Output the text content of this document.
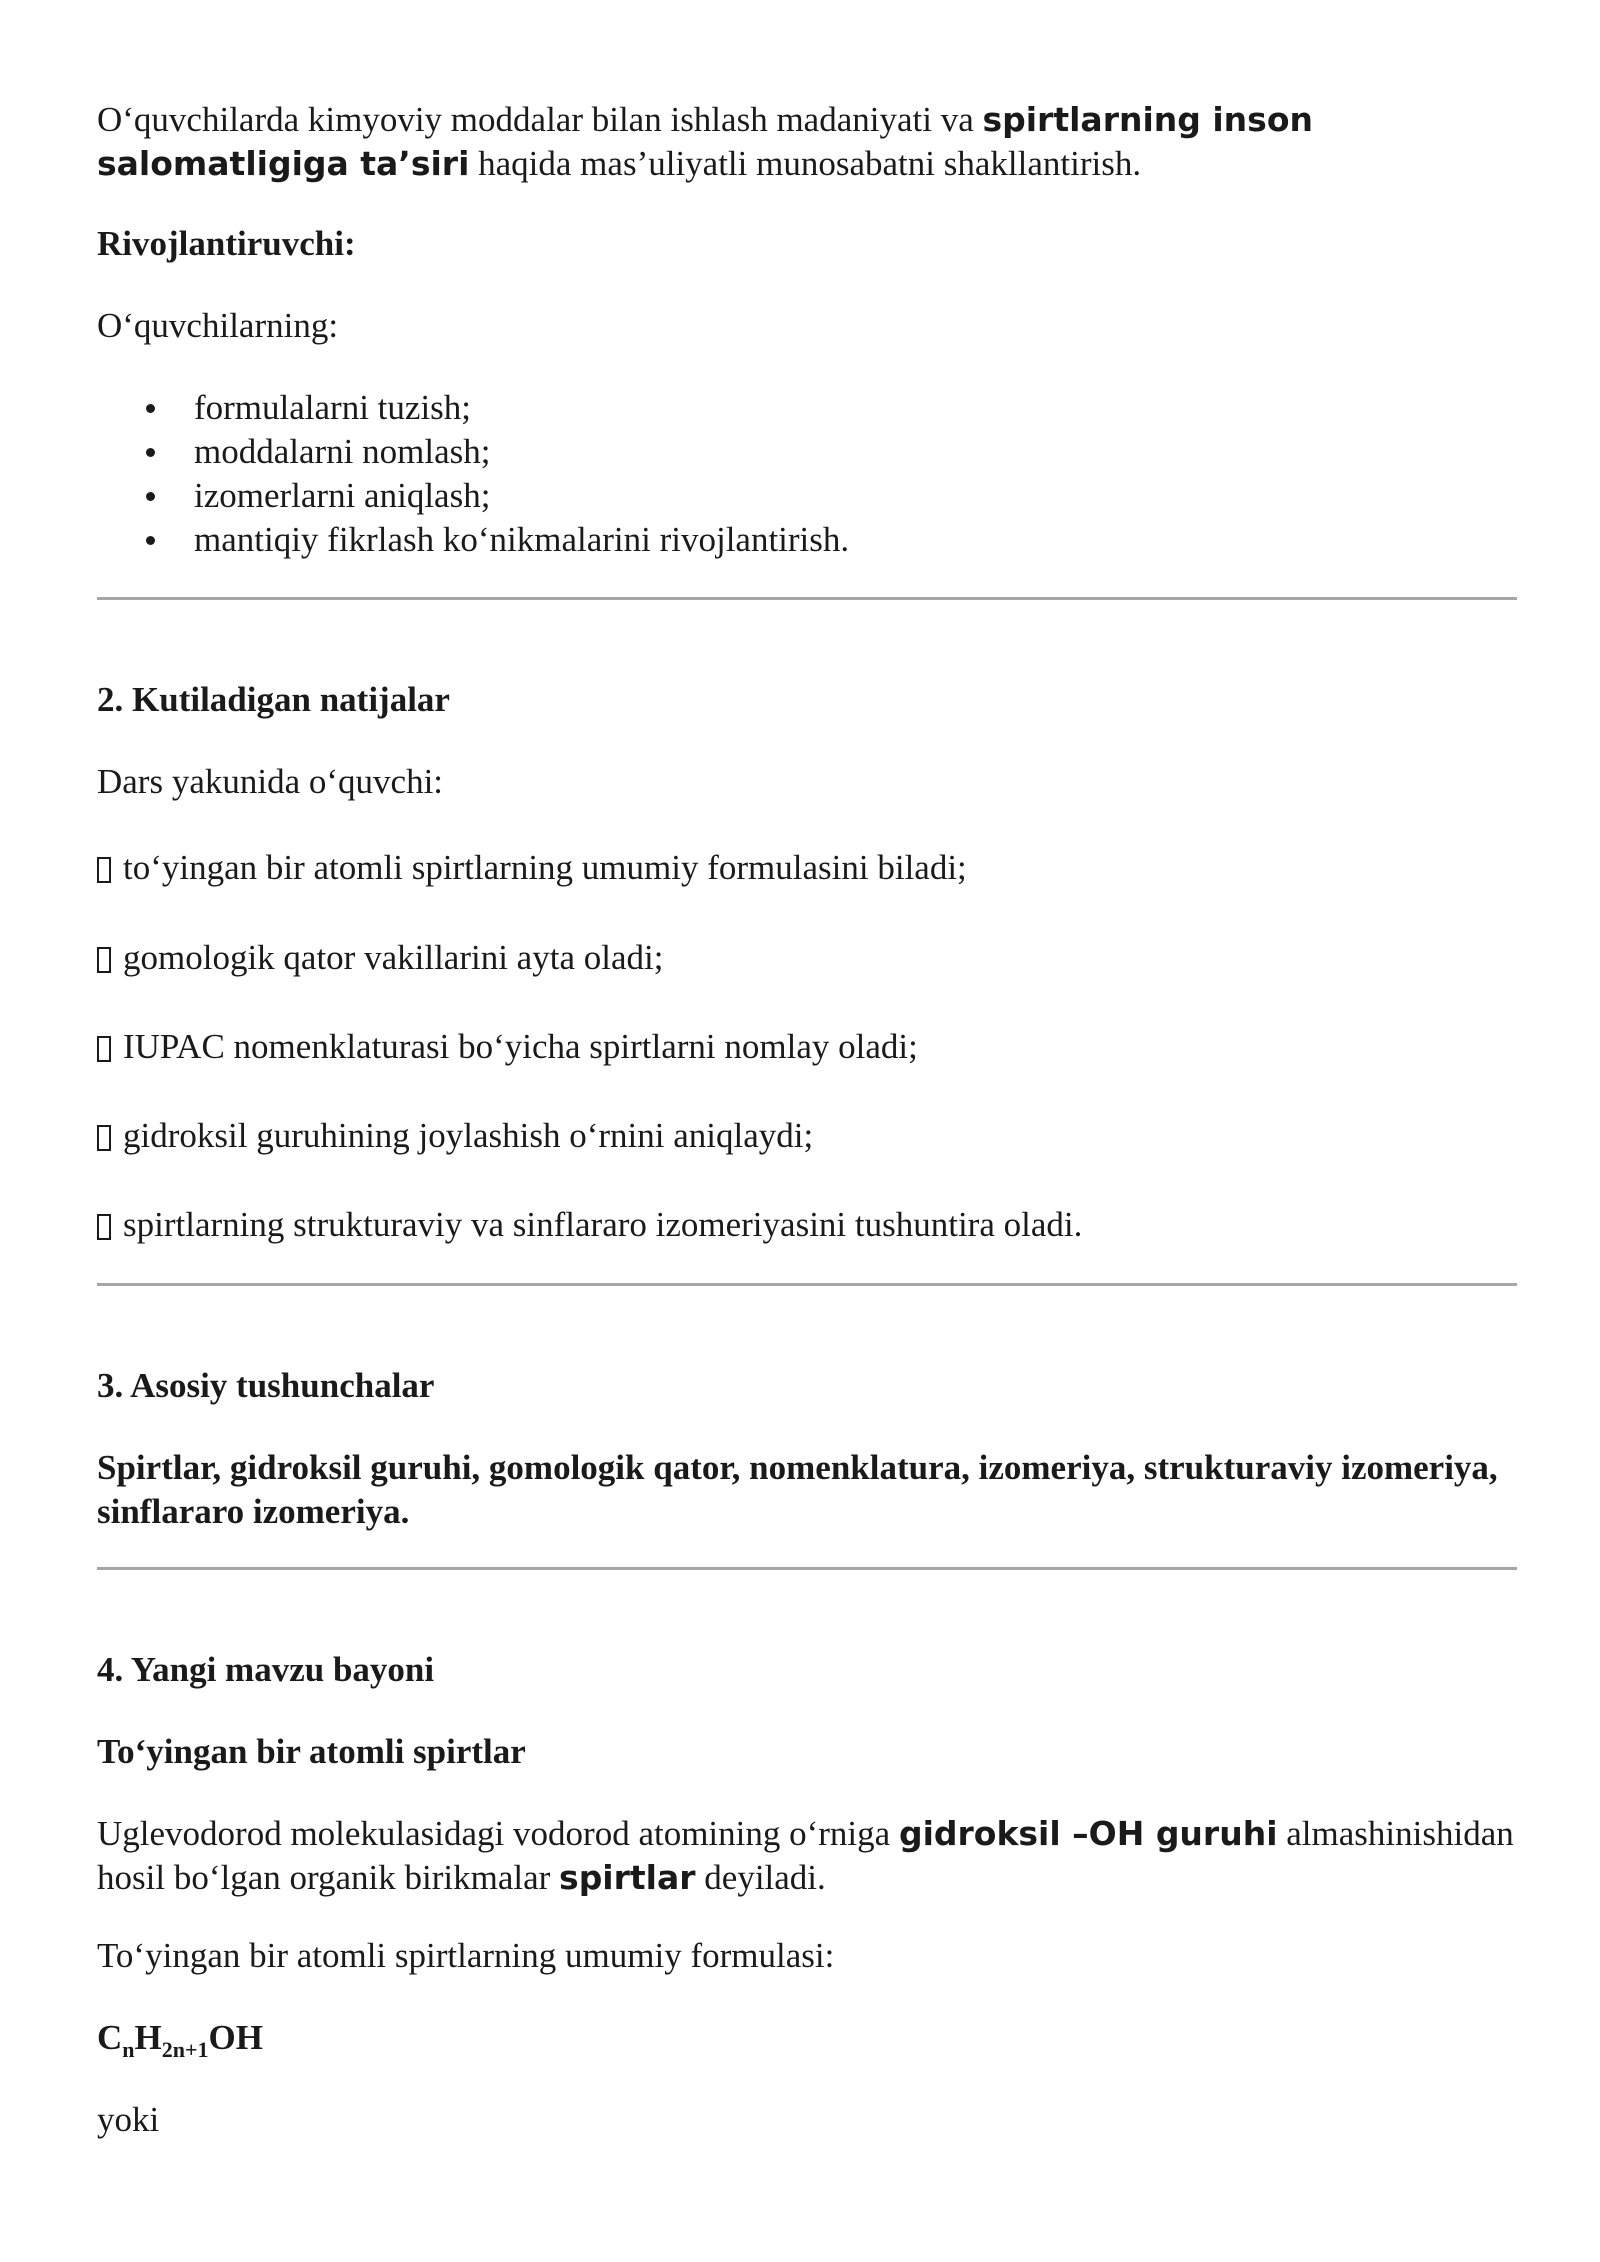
O‘quvchilarda kimyoviy moddalar bilan ishlash madaniyati va spirtlarning inson salomatligiga ta’siri haqida mas’uliyatli munosabatni shakllantirish.

Rivojlantiruvchi:

O‘quvchilarning:

formulalarni tuzish;
moddalarni nomlash;
izomerlarni aniqlash;
mantiqiy fikrlash ko‘nikmalarini rivojlantirish.

2. Kutiladigan natijalar

Dars yakunida o‘quvchi:

to‘yingan bir atomli spirtlarning umumiy formulasini biladi;

gomologik qator vakillarini ayta oladi;

IUPAC nomenklaturasi bo‘yicha spirtlarni nomlay oladi;

gidroksil guruhining joylashish o‘rnini aniqlaydi;

spirtlarning strukturaviy va sinflararo izomeriyasini tushuntira oladi.

3. Asosiy tushunchalar

Spirtlar, gidroksil guruhi, gomologik qator, nomenklatura, izomeriya, strukturaviy izomeriya, sinflararo izomeriya.

4. Yangi mavzu bayoni

To‘yingan bir atomli spirtlar

Uglevodorod molekulasidagi vodorod atomining o‘rniga gidroksil –OH guruhi almashinishidan hosil bo‘lgan organik birikmalar spirtlar deyiladi.

To‘yingan bir atomli spirtlarning umumiy formulasi:

$C_nH_{2n+1}OH$

yoki
